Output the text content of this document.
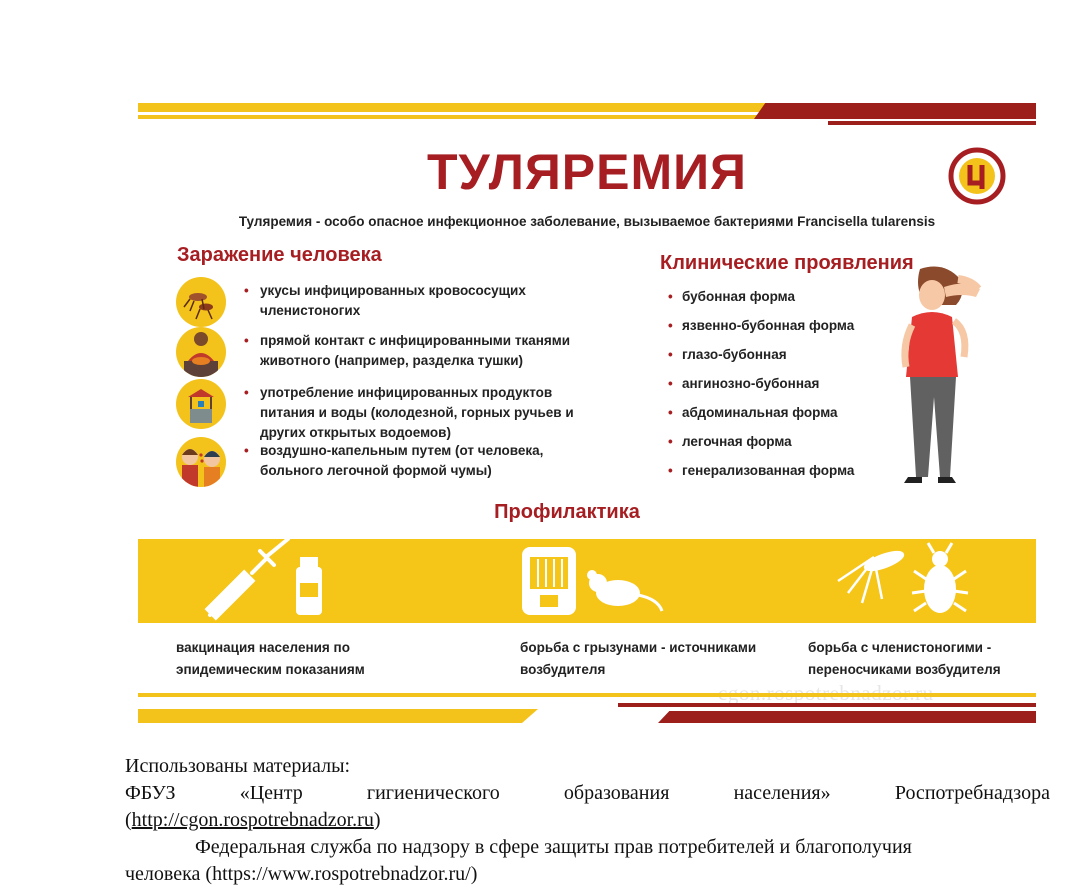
ТУЛЯРЕМИЯ
Туляремия - особо опасное инфекционное заболевание, вызываемое бактериями Francisella tularensis
Заражение человека
• укусы инфицированных кровососущих членистоногих
• прямой контакт с инфицированными тканями животного (например, разделка тушки)
• употребление инфицированных продуктов питания и воды (колодезной, горных ручьев и других открытых водоемов)
• воздушно-капельным путем (от человека, больного легочной формой чумы)
Клинические проявления
• бубонная форма
• язвенно-бубонная форма
• глазо-бубонная
• ангинозно-бубонная
• абдоминальная форма
• легочная форма
• генерализованная форма
Профилактика
вакцинация населения по эпидемическим показаниям
борьба с грызунами - источниками возбудителя
борьба с членистоногими - переносчиками возбудителя
Использованы материалы:
ФБУЗ	«Центр	гигиенического	образования	населения»	Роспотребнадзора
(http://cgon.rospotrebnadzor.ru)
Федеральная служба по надзору в сфере защиты прав потребителей и благополучия
человека (https://www.rospotrebnadzor.ru/)
